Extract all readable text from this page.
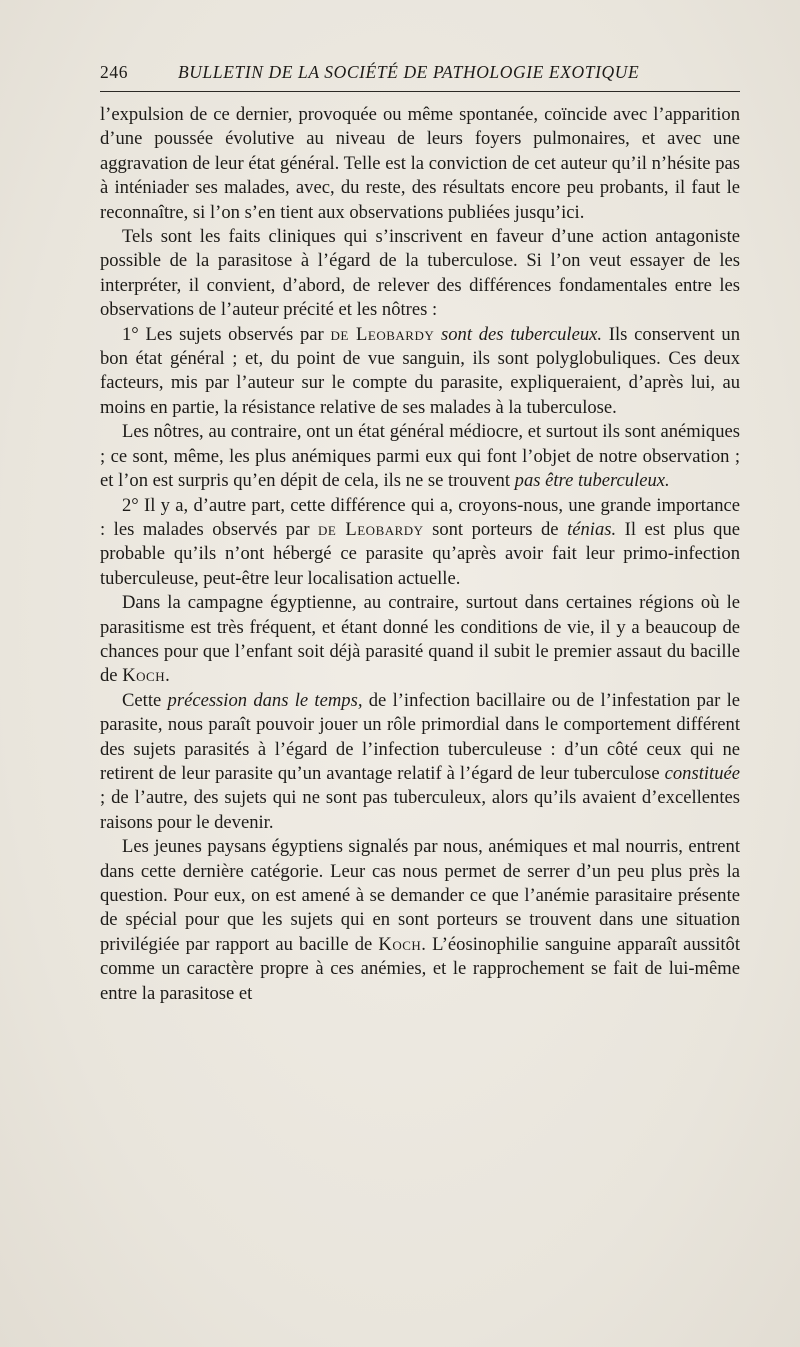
246	BULLETIN DE LA SOCIÉTÉ DE PATHOLOGIE EXOTIQUE

l’expulsion de ce dernier, provoquée ou même spontanée, coïncide avec l’apparition d’une poussée évolutive au niveau de leurs foyers pulmonaires, et avec une aggravation de leur état général. Telle est la conviction de cet auteur qu’il n’hésite pas à inténiader ses malades, avec, du reste, des résultats encore peu probants, il faut le reconnaître, si l’on s’en tient aux observations publiées jusqu’ici.

Tels sont les faits cliniques qui s’inscrivent en faveur d’une action antagoniste possible de la parasitose à l’égard de la tuberculose. Si l’on veut essayer de les interpréter, il convient, d’abord, de relever des différences fondamentales entre les observations de l’auteur précité et les nôtres :

1° Les sujets observés par de Leobardy sont des tuberculeux. Ils conservent un bon état général ; et, du point de vue sanguin, ils sont polyglobuliques. Ces deux facteurs, mis par l’auteur sur le compte du parasite, expliqueraient, d’après lui, au moins en partie, la résistance relative de ses malades à la tuberculose.

Les nôtres, au contraire, ont un état général médiocre, et surtout ils sont anémiques ; ce sont, même, les plus anémiques parmi eux qui font l’objet de notre observation ; et l’on est surpris qu’en dépit de cela, ils ne se trouvent pas être tuberculeux.

2° Il y a, d’autre part, cette différence qui a, croyons-nous, une grande importance : les malades observés par de Leobardy sont porteurs de ténias. Il est plus que probable qu’ils n’ont hébergé ce parasite qu’après avoir fait leur primo-infection tuberculeuse, peut-être leur localisation actuelle.

Dans la campagne égyptienne, au contraire, surtout dans certaines régions où le parasitisme est très fréquent, et étant donné les conditions de vie, il y a beaucoup de chances pour que l’enfant soit déjà parasité quand il subit le premier assaut du bacille de Koch.

Cette précession dans le temps, de l’infection bacillaire ou de l’infestation par le parasite, nous paraît pouvoir jouer un rôle primordial dans le comportement différent des sujets parasités à l’égard de l’infection tuberculeuse : d’un côté ceux qui ne retirent de leur parasite qu’un avantage relatif à l’égard de leur tuberculose constituée ; de l’autre, des sujets qui ne sont pas tuberculeux, alors qu’ils avaient d’excellentes raisons pour le devenir.

Les jeunes paysans égyptiens signalés par nous, anémiques et mal nourris, entrent dans cette dernière catégorie. Leur cas nous permet de serrer d’un peu plus près la question. Pour eux, on est amené à se demander ce que l’anémie parasitaire présente de spécial pour que les sujets qui en sont porteurs se trouvent dans une situation privilégiée par rapport au bacille de Koch. L’éosinophilie sanguine apparaît aussitôt comme un caractère propre à ces anémies, et le rapprochement se fait de lui-même entre la parasitose et
